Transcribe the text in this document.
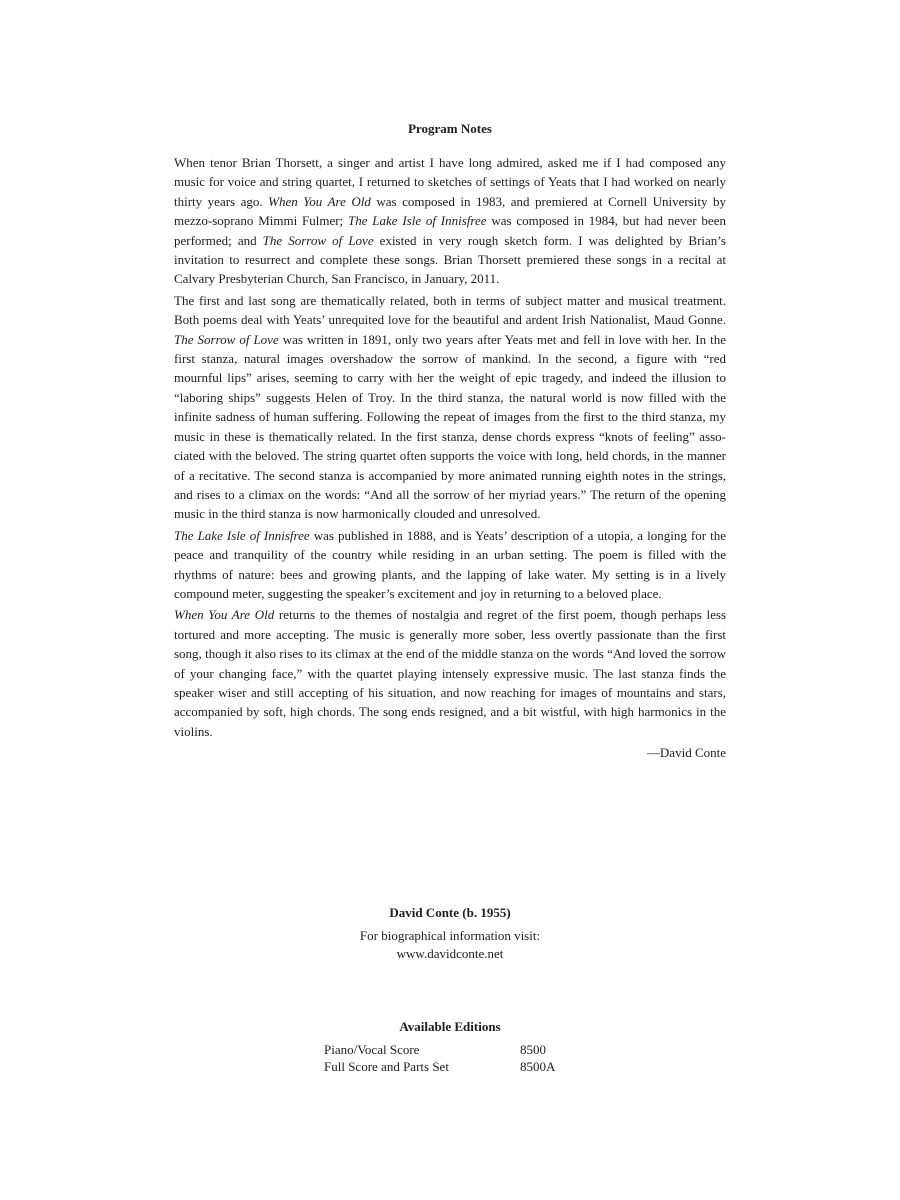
Program Notes

When tenor Brian Thorsett, a singer and artist I have long admired, asked me if I had composed any music for voice and string quartet, I returned to sketches of settings of Yeats that I had worked on nearly thirty years ago. When You Are Old was composed in 1983, and premiered at Cornell University by mezzo-soprano Mimmi Fulmer; The Lake Isle of Innisfree was composed in 1984, but had never been performed; and The Sorrow of Love existed in very rough sketch form. I was delighted by Brian’s invitation to resurrect and complete these songs. Brian Thorsett premiered these songs in a recital at Calvary Presbyterian Church, San Francisco, in January, 2011.

The first and last song are thematically related, both in terms of subject matter and musical treatment. Both poems deal with Yeats’ unrequited love for the beautiful and ardent Irish Nationalist, Maud Gonne. The Sorrow of Love was written in 1891, only two years after Yeats met and fell in love with her. In the first stanza, natural images overshadow the sorrow of mankind. In the second, a figure with “red mournful lips” arises, seeming to carry with her the weight of epic tragedy, and indeed the illusion to “laboring ships” suggests Helen of Troy. In the third stanza, the natural world is now filled with the infinite sadness of human suffering. Following the repeat of images from the first to the third stanza, my music in these is thematically related. In the first stanza, dense chords express “knots of feeling” associated with the beloved. The string quartet often supports the voice with long, held chords, in the manner of a recitative. The second stanza is accompanied by more animated running eighth notes in the strings, and rises to a climax on the words: “And all the sorrow of her myriad years.” The return of the opening music in the third stanza is now harmonically clouded and unresolved.

The Lake Isle of Innisfree was published in 1888, and is Yeats’ description of a utopia, a longing for the peace and tranquility of the country while residing in an urban setting. The poem is filled with the rhythms of nature: bees and growing plants, and the lapping of lake water. My setting is in a lively compound meter, suggesting the speaker’s excitement and joy in returning to a beloved place.

When You Are Old returns to the themes of nostalgia and regret of the first poem, though perhaps less tortured and more accepting. The music is generally more sober, less overtly passionate than the first song, though it also rises to its climax at the end of the middle stanza on the words “And loved the sorrow of your changing face,” with the quartet playing intensely expressive music. The last stanza finds the speaker wiser and still accepting of his situation, and now reaching for images of mountains and stars, accompanied by soft, high chords. The song ends resigned, and a bit wistful, with high harmonics in the violins.

—David Conte
David Conte (b. 1955)
For biographical information visit:
www.davidconte.net
Available Editions
Piano/Vocal Score	8500
Full Score and Parts Set	8500A
